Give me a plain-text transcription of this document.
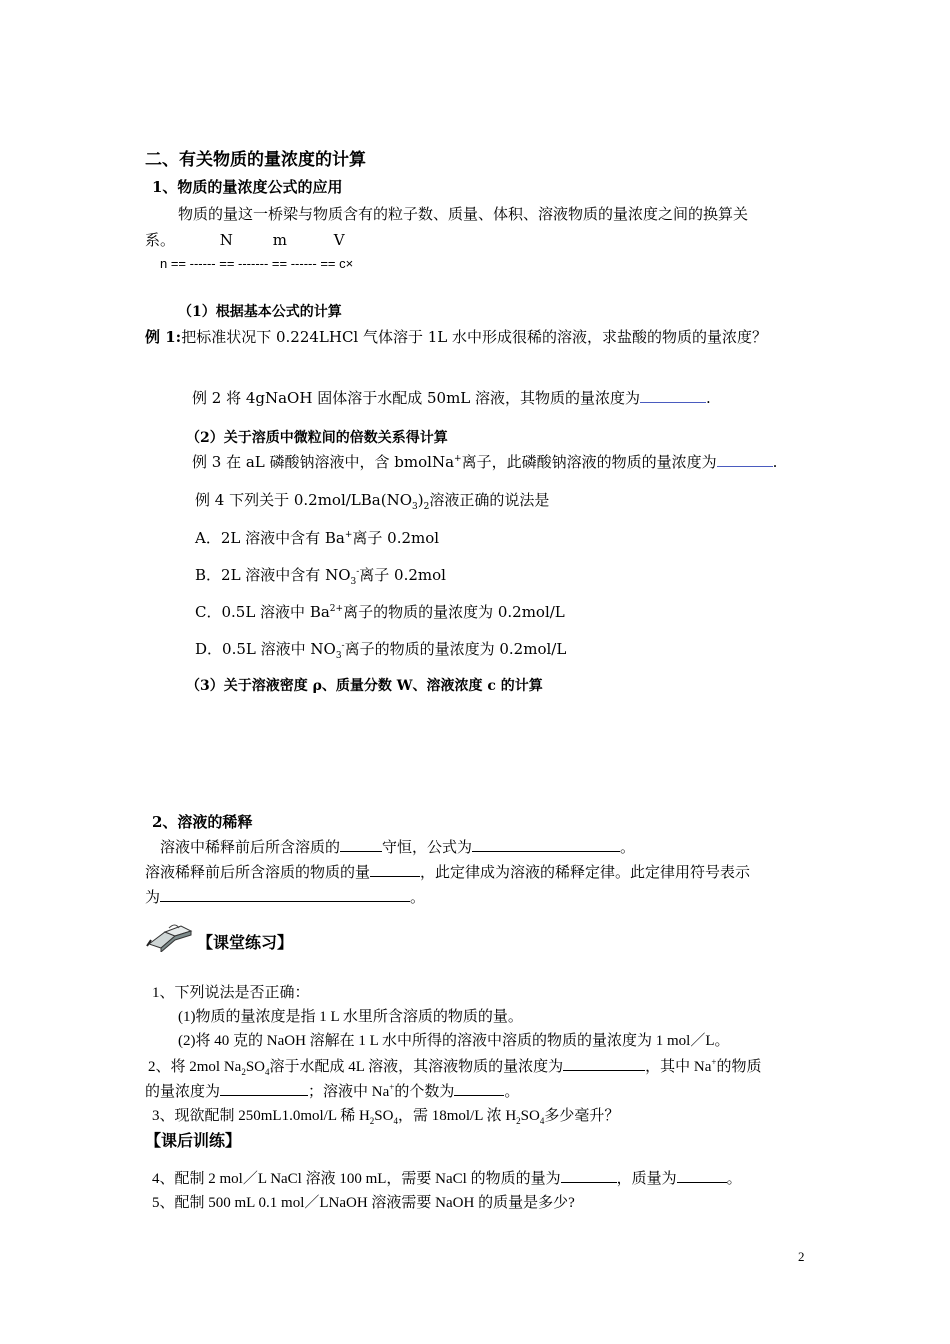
二、有关物质的量浓度的计算
1、物质的量浓度公式的应用
物质的量这一桥梁与物质含有的粒子数、质量、体积、溶液物质的量浓度之间的换算关
系。	N	m	V
n == ------ == ------- == ------ == c×
（1）根据基本公式的计算
例 1:把标准状况下 0.224LHCl 气体溶于 1L 水中形成很稀的溶液，求盐酸的物质的量浓度？
例 2 将 4gNaOH 固体溶于水配成 50mL 溶液，其物质的量浓度为	.
（2）关于溶质中微粒间的倍数关系得计算
例 3 在 aL 磷酸钠溶液中，含 bmolNa+离子，此磷酸钠溶液的物质的量浓度为	.
例 4 下列关于 $0.2mol/LBa(NO_3)_2$溶液正确的说法是
A．2L 溶液中含有 Ba+离子 0.2mol
B．2L 溶液中含有 $NO_3^-$离子 0.2mol
C．0.5L 溶液中 $Ba^{2+}$离子的物质的量浓度为 0.2mol/L
D．0.5L 溶液中 $NO_3^-$离子的物质的量浓度为 0.2mol/L
（3）关于溶液密度 ρ、质量分数 W、溶液浓度 c 的计算
2、溶液的稀释
溶液中稀释前后所含溶质的	守恒，公式为	。
溶液稀释前后所含溶质的物质的量	，此定律成为溶液的稀释定律。此定律用符号表示
为	。
【课堂练习】
1、下列说法是否正确：
(1)物质的量浓度是指 1 L 水里所含溶质的物质的量。
(2)将 40 克的 NaOH 溶解在 1 L 水中所得的溶液中溶质的物质的量浓度为 1 mol／L。
2、将 2mol $Na_2SO_4$溶于水配成 4L 溶液，其溶液物质的量浓度为	，其中 Na+的物质
的量浓度为	；溶液中 Na+的个数为	。
3、现欲配制 250mL1.0mol/L 稀 $H_2SO_4$，需 18mol/L 浓 $H_2SO_4$多少毫升？
【课后训练】
4、配制 2 mol／L NaCl 溶液 100 mL，需要 NaCl 的物质的量为	，质量为	。
5、配制 500 mL 0.1 mol／LNaOH 溶液需要 NaOH 的质量是多少?
2
